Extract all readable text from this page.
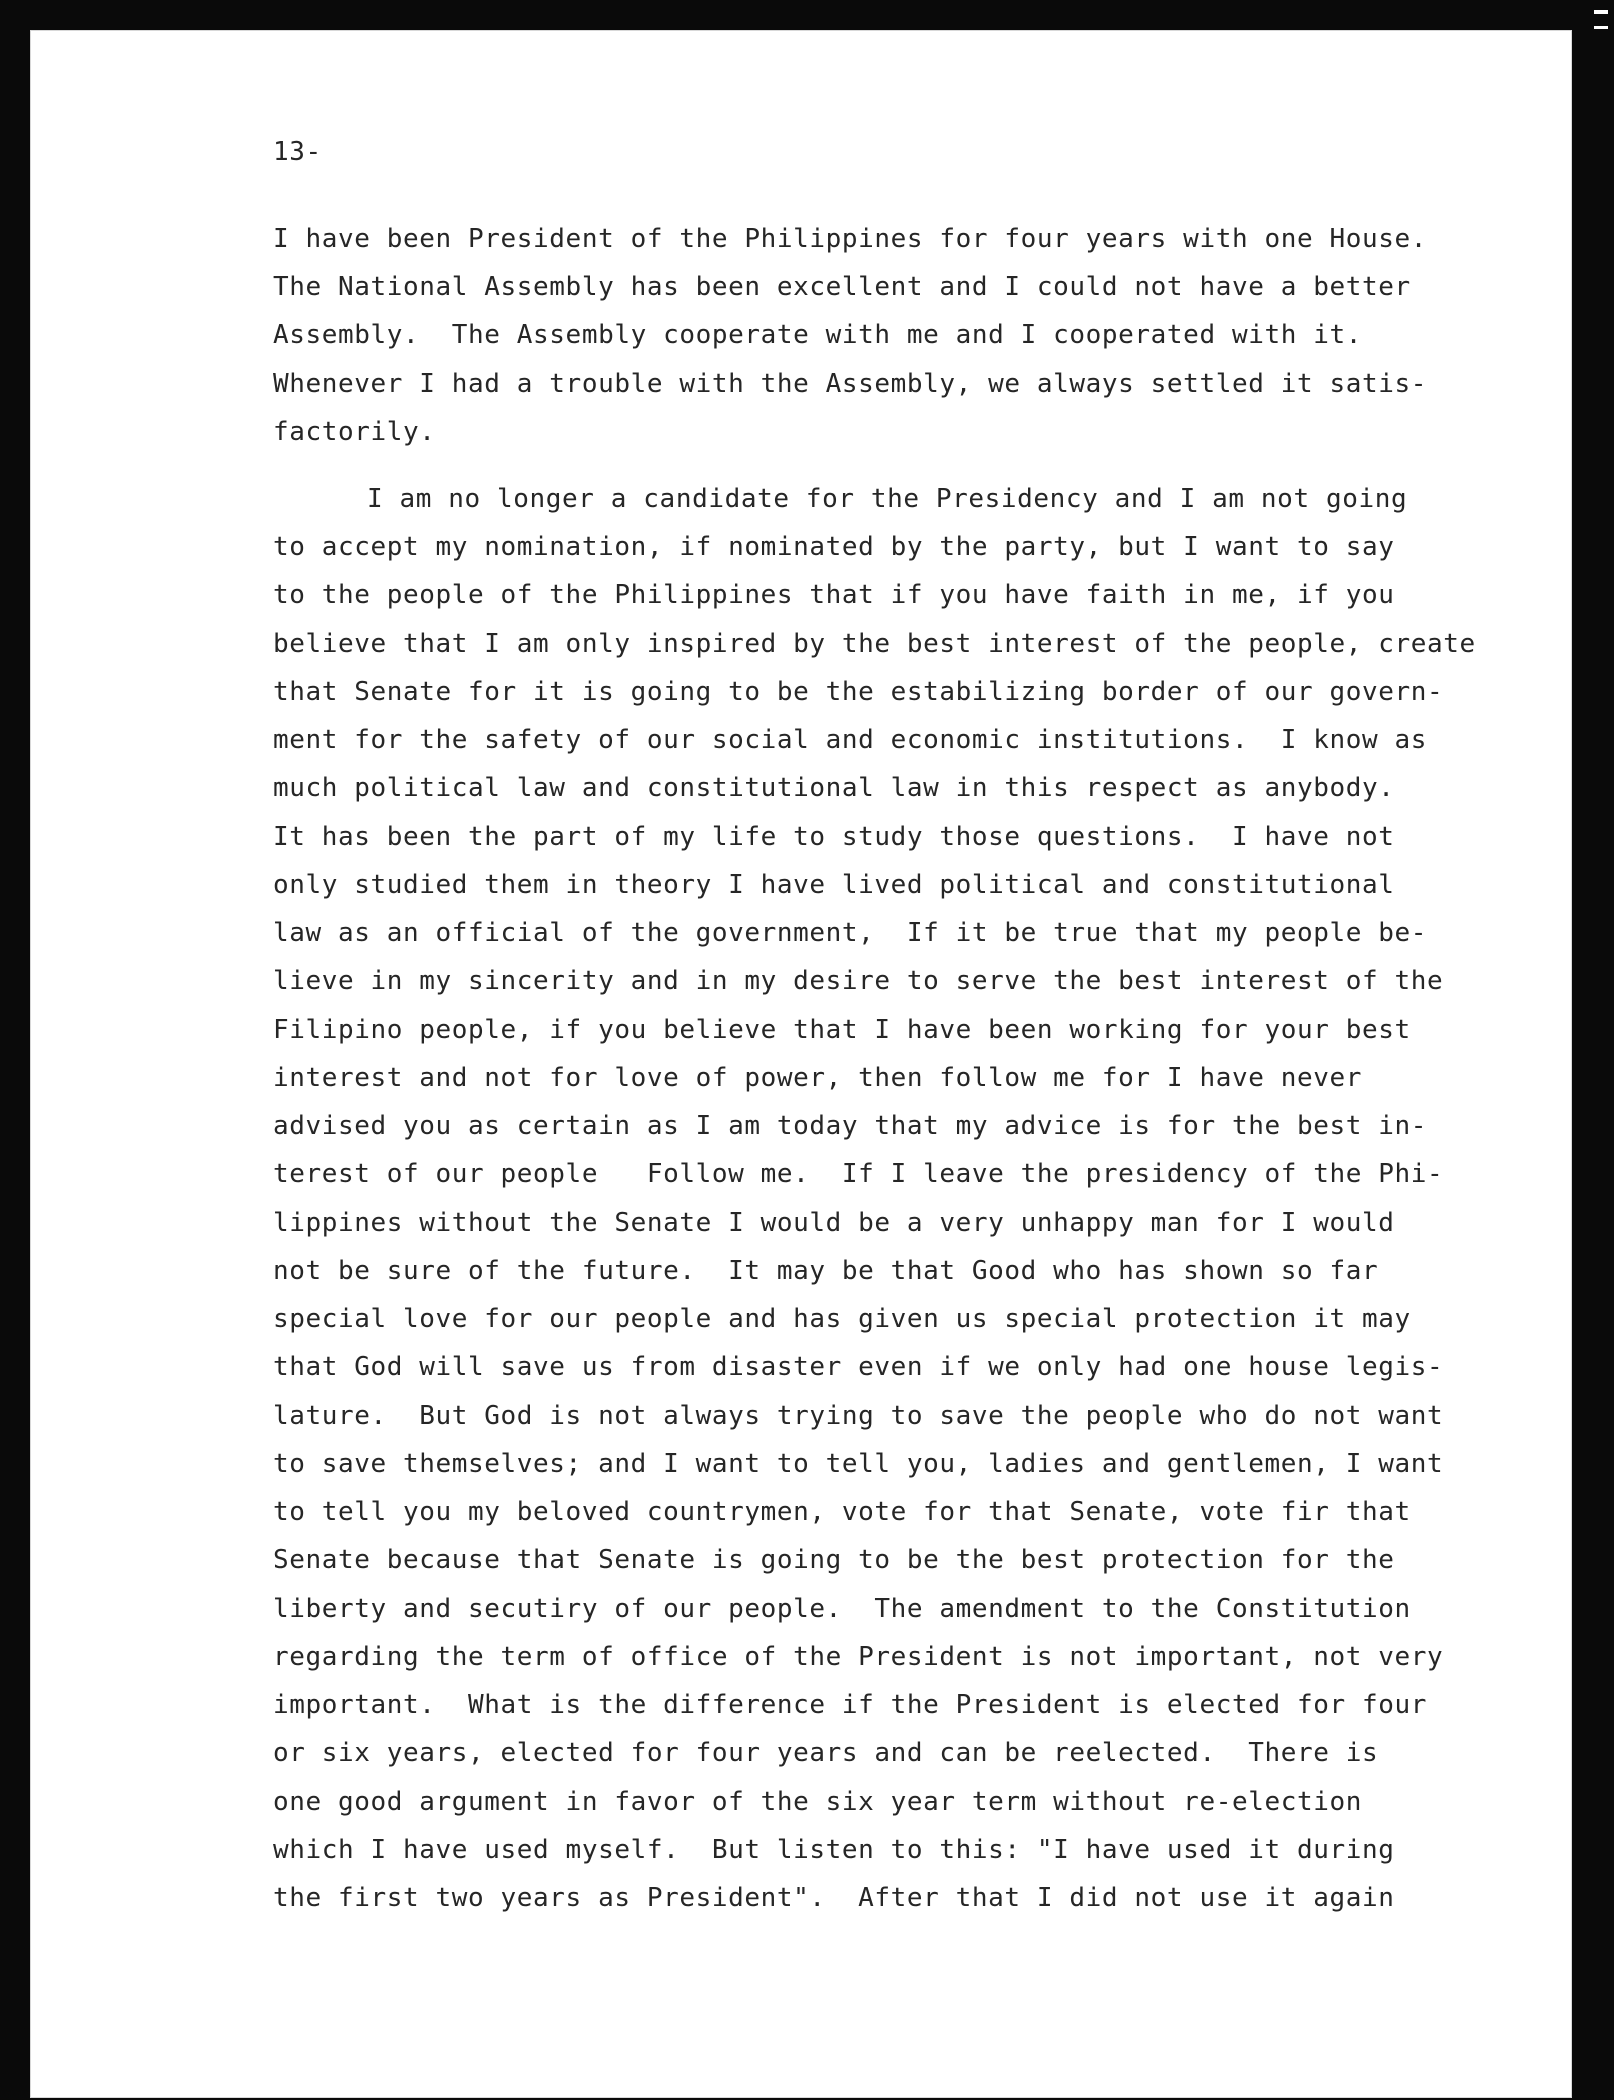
13-
I have been President of the Philippines for four years with one House.
The National Assembly has been excellent and I could not have a better
Assembly.  The Assembly cooperate with me and I cooperated with it.
Whenever I had a trouble with the Assembly, we always settled it satis-
factorily.
I am no longer a candidate for the Presidency and I am not going
to accept my nomination, if nominated by the party, but I want to say
to the people of the Philippines that if you have faith in me, if you
believe that I am only inspired by the best interest of the people, create
that Senate for it is going to be the estabilizing border of our govern-
ment for the safety of our social and economic institutions.  I know as
much political law and constitutional law in this respect as anybody.
It has been the part of my life to study those questions.  I have not
only studied them in theory I have lived political and constitutional
law as an official of the government,  If it be true that my people be-
lieve in my sincerity and in my desire to serve the best interest of the
Filipino people, if you believe that I have been working for your best
interest and not for love of power, then follow me for I have never
advised you as certain as I am today that my advice is for the best in-
terest of our people   Follow me.  If I leave the presidency of the Phi-
lippines without the Senate I would be a very unhappy man for I would
not be sure of the future.  It may be that Good who has shown so far
special love for our people and has given us special protection it may
that God will save us from disaster even if we only had one house legis-
lature.  But God is not always trying to save the people who do not want
to save themselves; and I want to tell you, ladies and gentlemen, I want
to tell you my beloved countrymen, vote for that Senate, vote fir that
Senate because that Senate is going to be the best protection for the
liberty and secutiry of our people.  The amendment to the Constitution
regarding the term of office of the President is not important, not very
important.  What is the difference if the President is elected for four
or six years, elected for four years and can be reelected.  There is
one good argument in favor of the six year term without re-election
which I have used myself.  But listen to this: "I have used it during
the first two years as President".  After that I did not use it again
